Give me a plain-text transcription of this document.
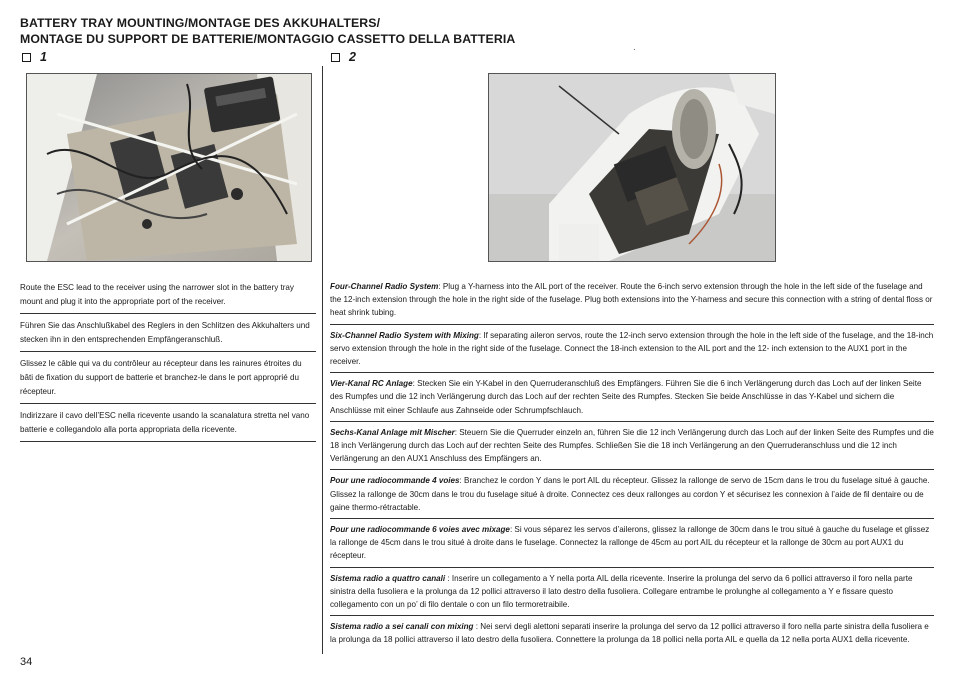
BATTERY TRAY MOUNTING/MONTAGE DES AKKUHALTERS/
MONTAGE DU SUPPORT DE BATTERIE/MONTAGGIO CASSETTO DELLA BATTERIA
1	2
·

Route the ESC lead to the receiver using the narrower slot in the battery tray mount and plug it into the appropriate port of the receiver.

Führen Sie das Anschlußkabel des Reglers in den Schlitzen des Akkuhalters und stecken ihn in den entsprechenden Empfängeranschluß.

Glissez le câble qui va du contrôleur au récepteur dans les rainures étroites du bâti de fixation du support de batterie et branchez-le dans le port approprié du récepteur.

Indirizzare il cavo dell’ESC nella ricevente usando la scanalatura stretta nel vano batterie e collegandolo alla porta appropriata della ricevente.

Four-Channel Radio System: Plug a Y-harness into the AIL port of the receiver. Route the 6-inch servo extension through the hole in the left side of the fuselage and the 12-inch extension through the hole in the right side of the fuselage. Plug both extensions into the Y-harness and secure this connection with a string of dental floss or heat shrink tubing.

Six-Channel Radio System with Mixing: If separating aileron servos, route the 12-inch servo extension through the hole in the left side of the fuselage, and the 18-inch servo extension through the hole in the right side of the fuselage. Connect the 18-inch extension to the AIL port and the 12- inch extension to the AUX1 port in the receiver.

Vier-Kanal RC Anlage: Stecken Sie ein Y-Kabel in den Querruderanschluß des Empfängers. Führen Sie die 6 inch Verlängerung durch das Loch auf der linken Seite des Rumpfes und die 12 inch Verlängerung durch das Loch auf der rechten Seite des Rumpfes. Stecken Sie beide Anschlüsse in das Y-Kabel und sichern die Anschlüsse mit einer Schlaufe aus Zahnseide oder Schrumpfschlauch.

Sechs-Kanal Anlage mit Mischer: Steuern Sie die Querruder einzeln an, führen Sie die 12 inch Verlängerung durch das Loch auf der linken Seite des Rumpfes und die 18 inch Verlängerung durch das Loch auf der rechten Seite des Rumpfes. Schließen Sie die 18 inch Verlängerung an den Querruderanschluss und die 12 inch Verlängerung an den AUX1 Anschluss des Empfängers an.

Pour une radiocommande 4 voies: Branchez le cordon Y dans le port AIL du récepteur. Glissez la rallonge de servo de 15cm dans le trou du fuselage situé à gauche. Glissez la rallonge de 30cm dans le trou du fuselage situé à droite. Connectez ces deux rallonges au cordon Y et sécurisez les connexion à l’aide de fil dentaire ou de gaine thermo-rétractable.

Pour une radiocommande 6 voies avec mixage: Si vous séparez les servos d’ailerons, glissez la rallonge de 30cm dans le trou situé à gauche du fuselage et glissez la rallonge de 45cm dans le trou situé à droite dans le fuselage. Connectez la rallonge de 45cm au port AIL du récepteur et la rallonge de 30cm au port AUX1 du récepteur.

Sistema radio a quattro canali : Inserire un collegamento a Y nella porta AIL della ricevente. Inserire la prolunga del servo da 6 pollici attraverso il foro nella parte sinistra della fusoliera e la prolunga da 12 pollici attraverso il lato destro della fusoliera. Collegare entrambe le prolunghe al collegamento a Y e fissare questo collegamento con un po’ di filo dentale o con un filo termoretraibile.

Sistema radio a sei canali con mixing : Nei servi degli alettoni separati inserire la prolunga del servo da 12 pollici attraverso il foro nella parte sinistra della fusoliera e la prolunga da 18 pollici attraverso il lato destro della fusoliera. Connettere la prolunga da 18 pollici nella porta AIL e quella da 12 nella porta AUX1 della ricevente.

34
